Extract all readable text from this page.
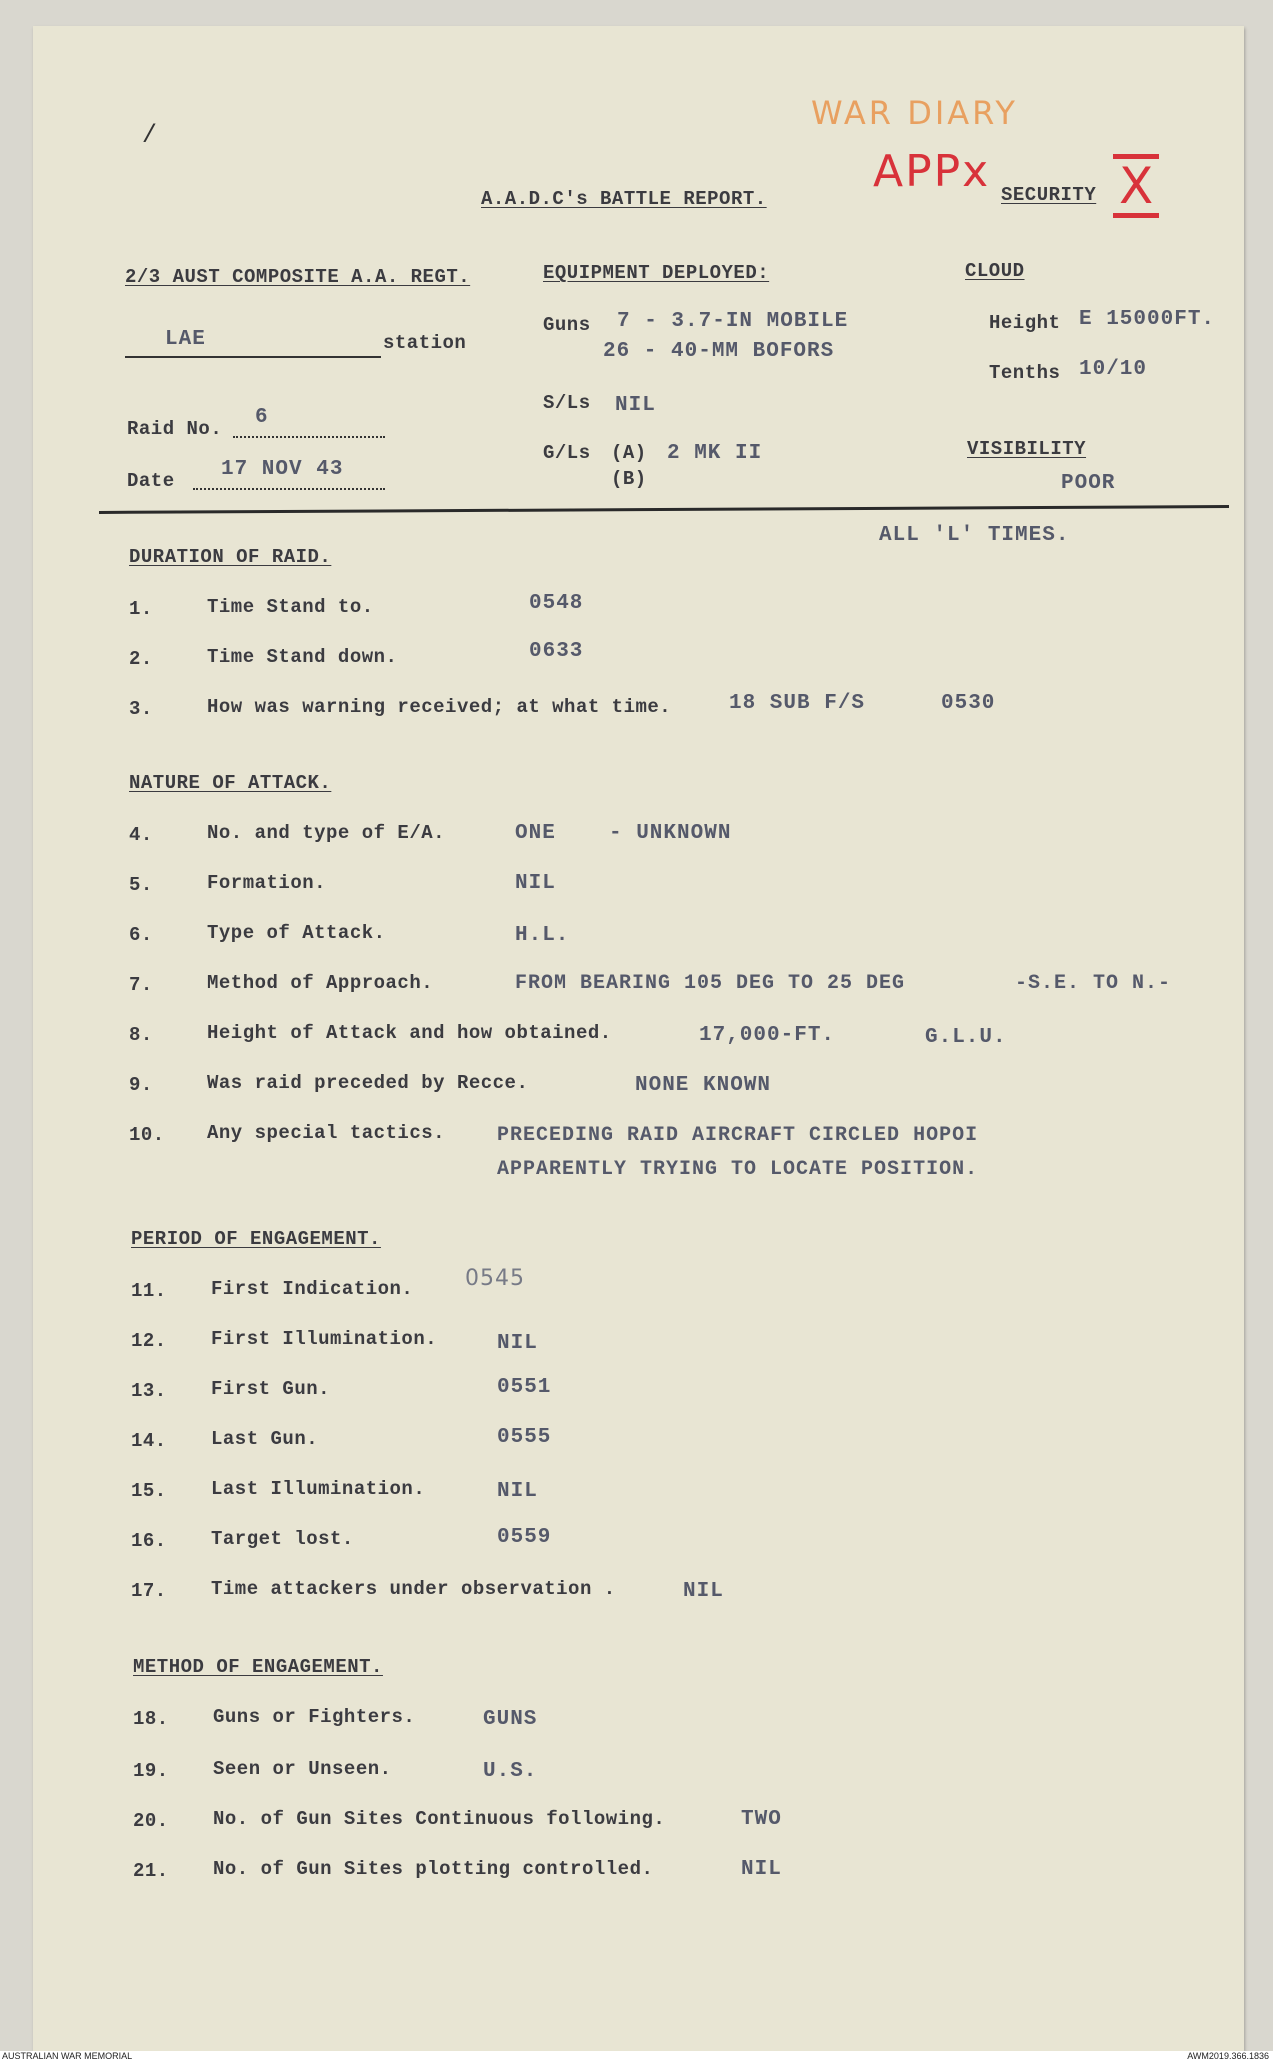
WAR DIARY
APPx	X
⁄
A.A.D.C's BATTLE REPORT.	SECURITY
2/3 AUST COMPOSITE A.A. REGT.
LAE	station
Raid No. 6
Date 17 NOV 43
EQUIPMENT DEPLOYED:
Guns 7 - 3.7-IN MOBILE
26 - 40-MM BOFORS
S/Ls NIL
G/Ls (A) 2 MK II
(B)
CLOUD
Height E 15000FT.
Tenths 10/10
VISIBILITY
POOR
ALL 'L' TIMES.
DURATION OF RAID.
1.	Time Stand to.	0548
2.	Time Stand down.	0633
3.	How was warning received; at what time.	18 SUB F/S	0530
NATURE OF ATTACK.
4.	No. and type of E/A.	ONE	- UNKNOWN
5.	Formation.	NIL
6.	Type of Attack.	H.L.
7.	Method of Approach.	FROM BEARING 105 DEG TO 25 DEG	-S.E. TO N.-
8.	Height of Attack and how obtained.	17,000-FT.	G.L.U.
9.	Was raid preceded by Recce.	NONE KNOWN
10. Any special tactics.	PRECEDING RAID AIRCRAFT CIRCLED HOPOI
APPARENTLY TRYING TO LOCATE POSITION.
PERIOD OF ENGAGEMENT.
11. First Indication. 0545
12. First Illumination.	NIL
13. First Gun.	0551
14. Last Gun.	0555
15. Last Illumination.	NIL
16. Target lost.	0559
17. Time attackers under observation .	NIL
METHOD OF ENGAGEMENT.
18. Guns or Fighters.	GUNS
19. Seen or Unseen.	U.S.
20. No. of Gun Sites Continuous following.	TWO
21. No. of Gun Sites plotting controlled.	NIL
AUSTRALIAN WAR MEMORIAL	AWM2019.366.1836
